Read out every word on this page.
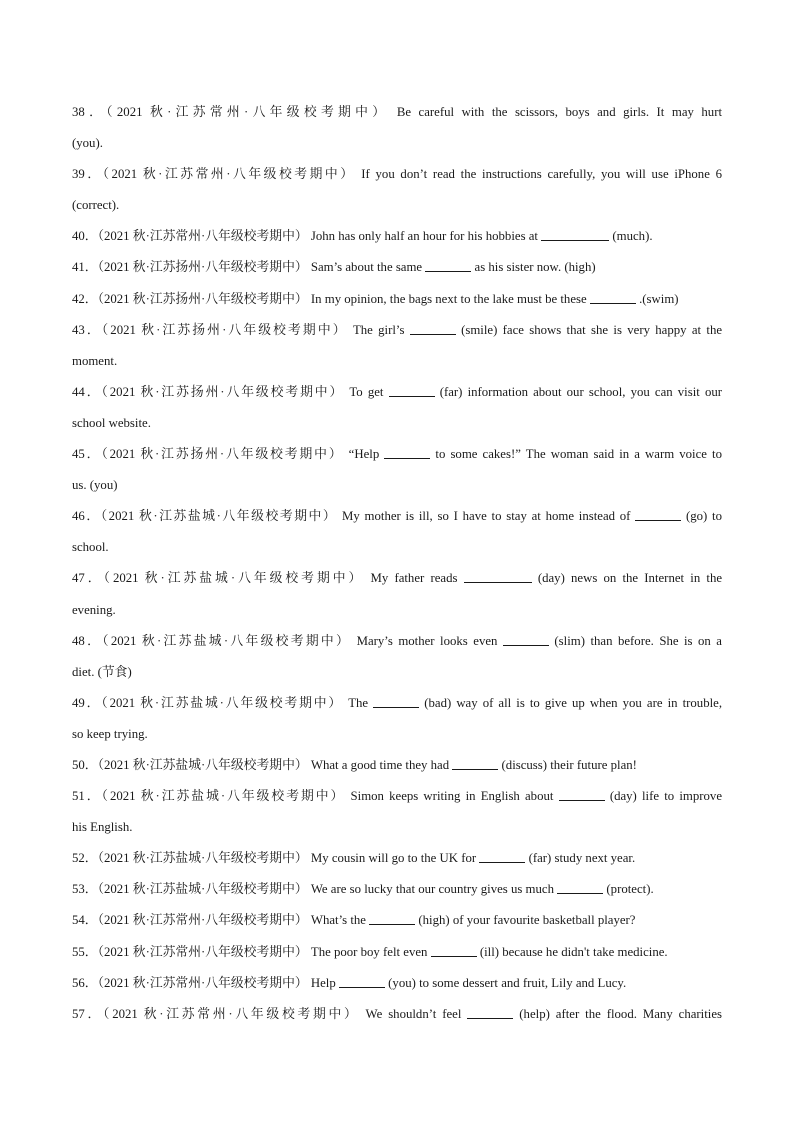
38．（2021 秋·江苏常州·八年级校考期中） Be careful with the scissors, boys and girls. It may hurt
(you).
39．（2021 秋·江苏常州·八年级校考期中） If you don’t read the instructions carefully, you will use iPhone 6
(correct).
40．（2021 秋·江苏常州·八年级校考期中） John has only half an hour for his hobbies at	(much).
41．（2021 秋·江苏扬州·八年级校考期中） Sam’s about the same	as his sister now. (high)
42．（2021 秋·江苏扬州·八年级校考期中） In my opinion, the bags next to the lake must be these	.(swim)
43．（2021 秋·江苏扬州·八年级校考期中） The girl’s	(smile) face shows that she is very happy at the
moment.
44．（2021 秋·江苏扬州·八年级校考期中） To get	(far) information about our school, you can visit our
school website.
45．（2021 秋·江苏扬州·八年级校考期中） “Help	to some cakes!” The woman said in a warm voice to
us. (you)
46．（2021 秋·江苏盐城·八年级校考期中） My mother is ill, so I have to stay at home instead of	(go) to
school.
47．（2021 秋·江苏盐城·八年级校考期中） My father reads	(day) news on the Internet in the
evening.
48．（2021 秋·江苏盐城·八年级校考期中） Mary’s mother looks even	(slim) than before. She is on a
diet. (节食)
49．（2021 秋·江苏盐城·八年级校考期中） The	(bad) way of all is to give up when you are in trouble,
so keep trying.
50．（2021 秋·江苏盐城·八年级校考期中） What a good time they had	(discuss) their future plan!
51．（2021 秋·江苏盐城·八年级校考期中） Simon keeps writing in English about	(day) life to improve
his English.
52．（2021 秋·江苏盐城·八年级校考期中） My cousin will go to the UK for	(far) study next year.
53．（2021 秋·江苏盐城·八年级校考期中） We are so lucky that our country gives us much	(protect).
54．（2021 秋·江苏常州·八年级校考期中） What’s the	(high) of your favourite basketball player?
55．（2021 秋·江苏常州·八年级校考期中） The poor boy felt even	(ill) because he didn't take medicine.
56．（2021 秋·江苏常州·八年级校考期中） Help	(you) to some dessert and fruit, Lily and Lucy.
57．（2021 秋·江苏常州·八年级校考期中） We shouldn’t feel	(help) after the flood. Many charities
